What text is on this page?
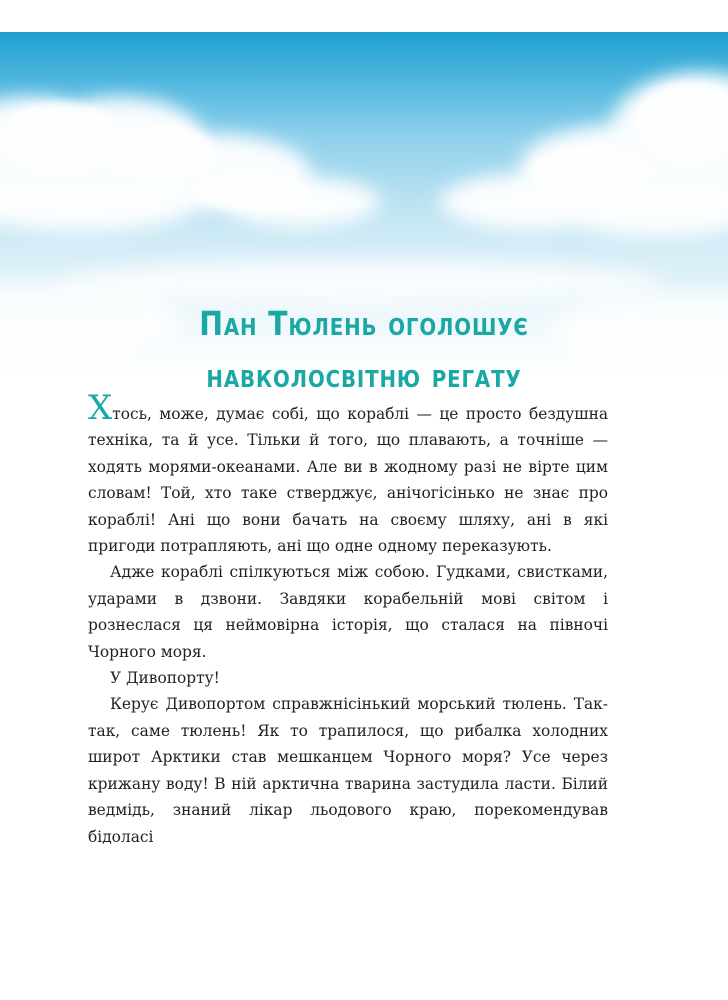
Пан Тюлень оголошує
навколосвітню регату

Хтось, може, думає собі, що кораблі — це просто бездушна техніка, та й усе. Тільки й того, що плавають, а точніше — ходять морями-океанами. Але ви в жодному разі не вірте цим словам! Той, хто таке стверджує, анічогісінько не знає про кораблі! Ані що вони бачать на своєму шляху, ані в які пригоди потрапляють, ані що одне одному переказують.

Адже кораблі спілкуються між собою. Гудками, свистками, ударами в дзвони. Завдяки корабельній мові світом і рознеслася ця неймовірна історія, що сталася на півночі Чорного моря.

У Дивопорту!

Керує Дивопортом справжнісінький морський тюлень. Так-так, саме тюлень! Як то трапилося, що рибалка холодних широт Арктики став мешканцем Чорного моря? Усе через крижану воду! В ній арктична тварина застудила ласти. Білий ведмідь, знаний лікар льодового краю, порекомендував бідоласі
